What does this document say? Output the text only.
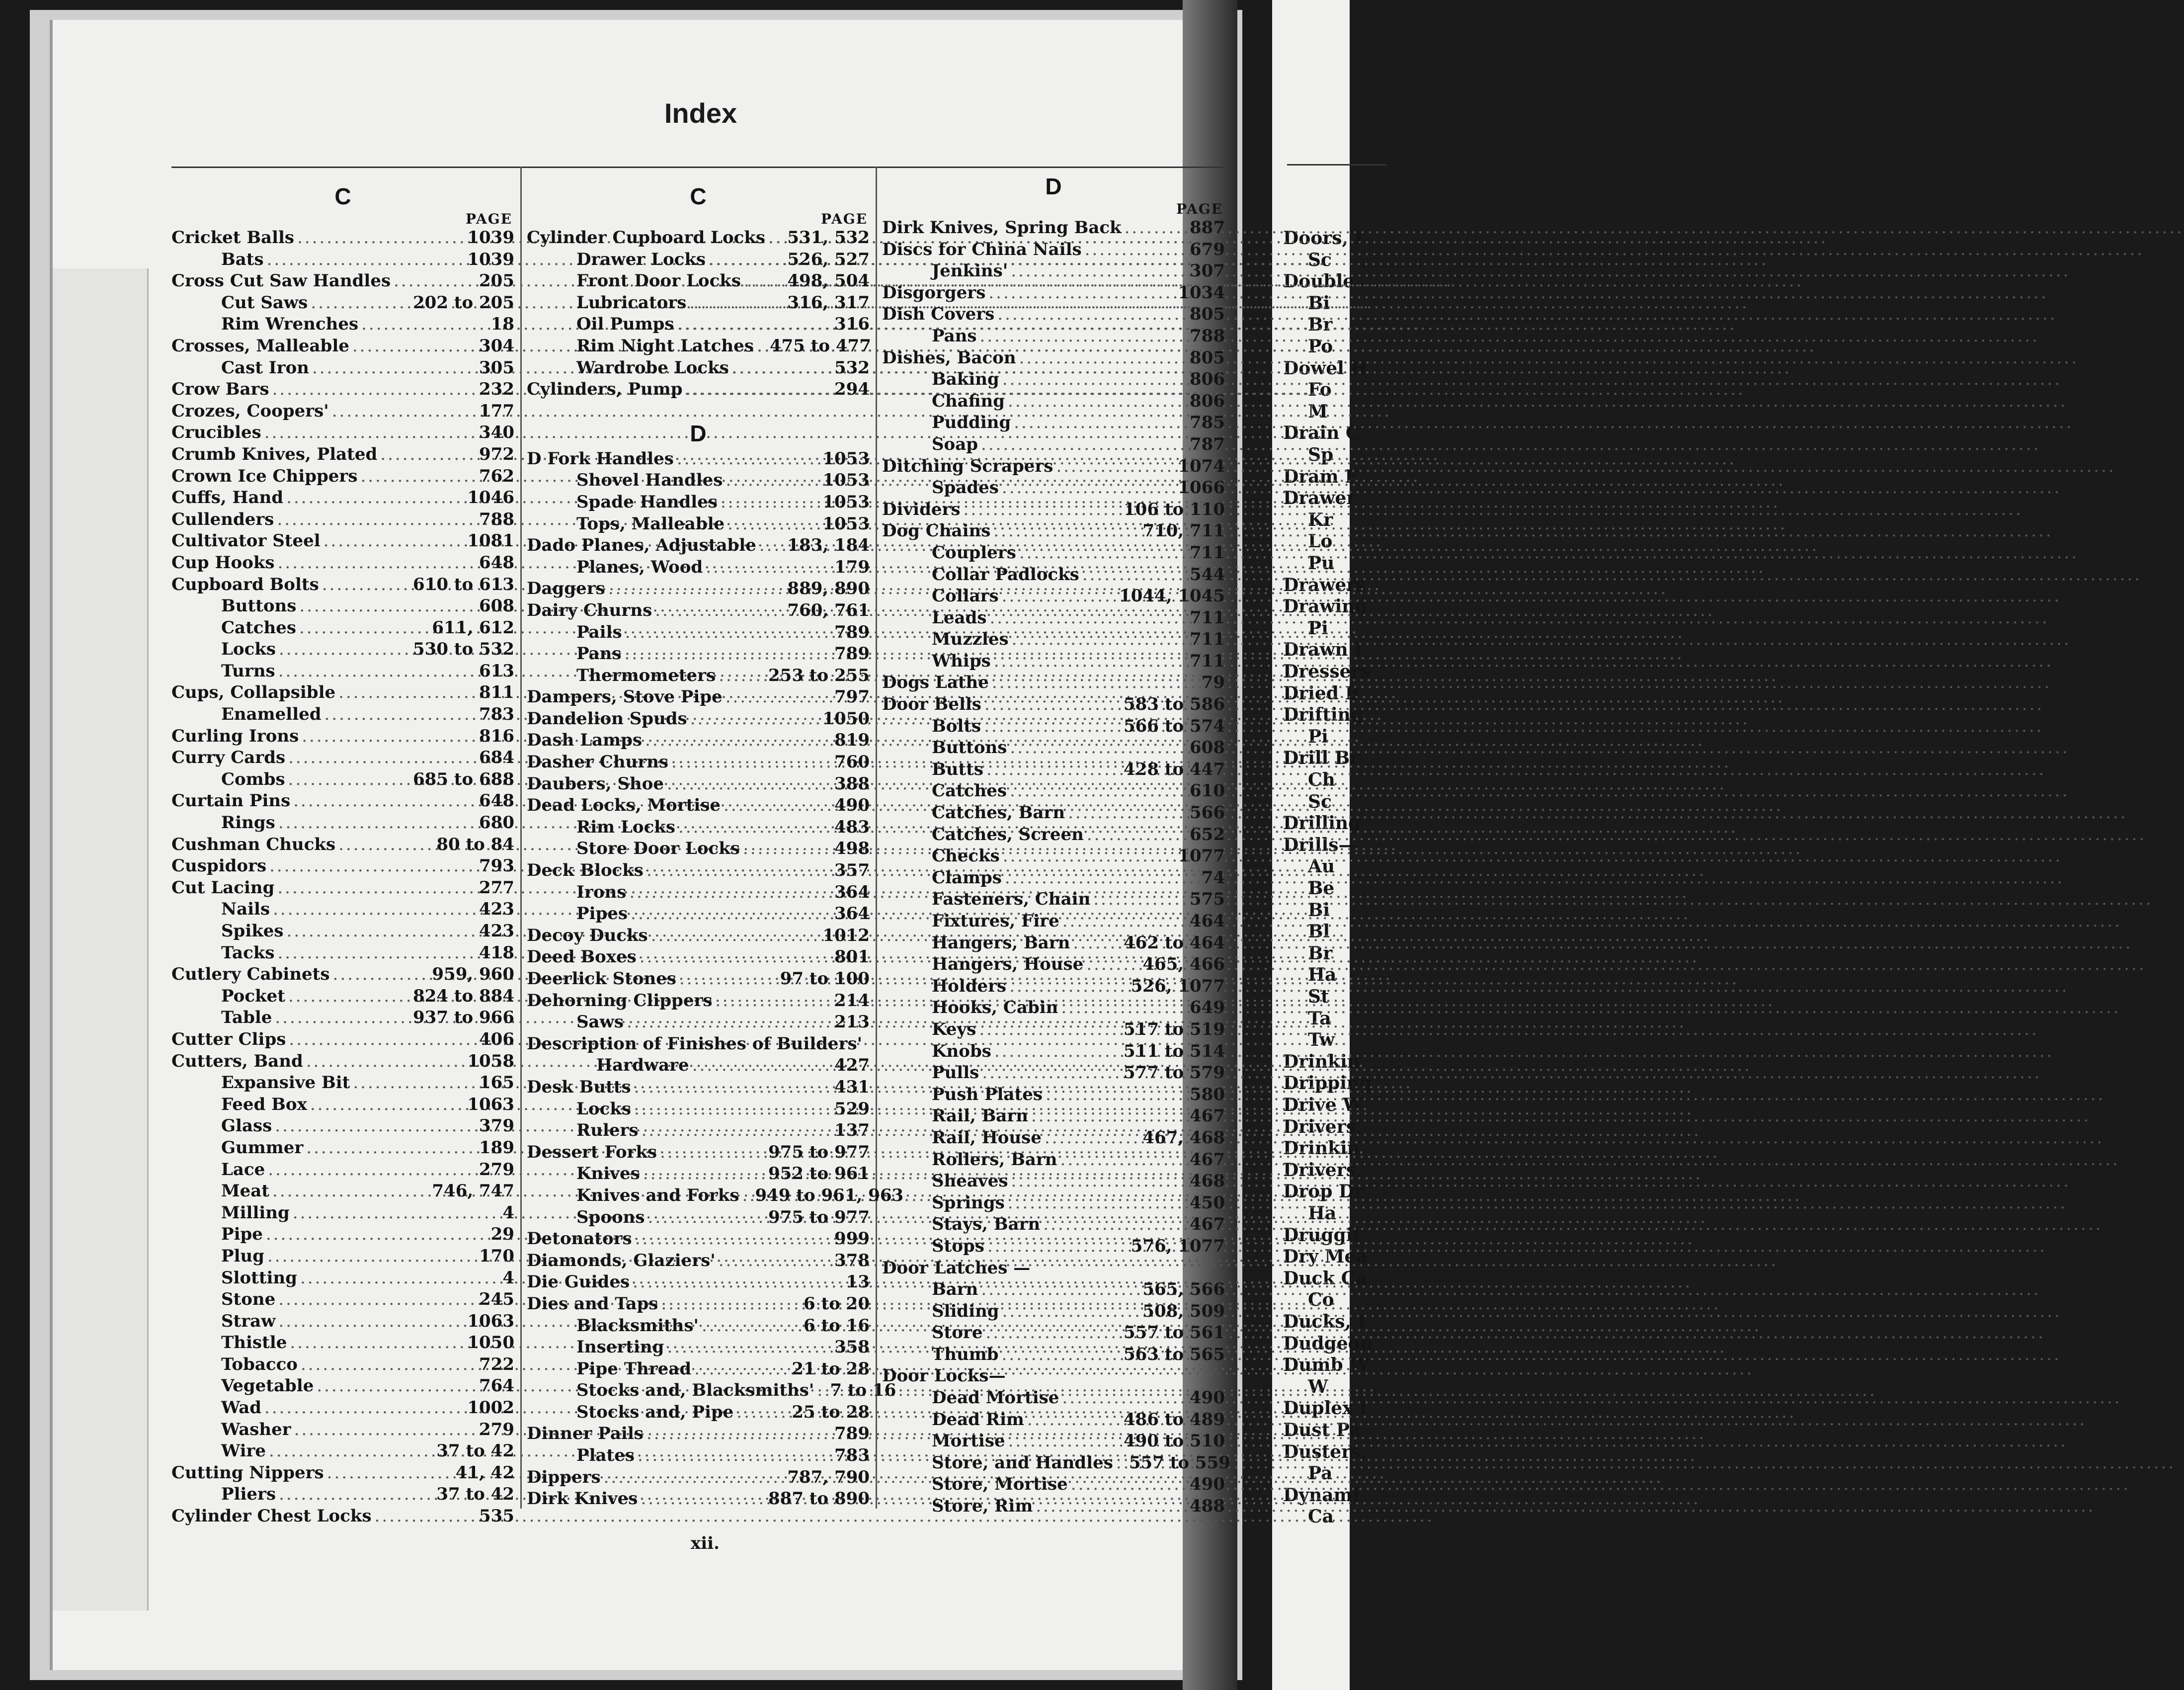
Doors, I
Sc
Double
Bi
Br
Po
Dowel H
Fo
M
Drain C
Sp
Dram F
Drawer
Kr
Lo
Pu
Drawers
Drawing
Pi
Drawn I
Dressers
Dried B
Drifting
Pi
Drill Br
Ch
Sc
Drilling
Drills—
Au
Be
Bi
Bl
Br
Ha
St
Ta
Tw
Drinkin
Dripping
Drive W
Drivers,
Drinkin
Drivers,
Drop Dr
Ha
Druggit
Dry Mea
Duck Ca
Co
Ducks, I
Dudgeon
Dumb W
W
Duplex I
Dust Pa
Dusters,
Pa
Dynami
Ca
Index
C
PAGE
Cricket Balls .....	1039
Bats .....	1039
Cross Cut Saw Handles .....	205
Cut Saws .....	202 to 205
Rim Wrenches .....	18
Crosses, Malleable .....	304
Cast Iron .....	305
Crow Bars .....	232
Crozes, Coopers' .....	177
Crucibles .....	340
Crumb Knives, Plated .....	972
Crown Ice Chippers .....	762
Cuffs, Hand .....	1046
Cullenders .....	788
Cultivator Steel .....	1081
Cup Hooks .....	648
Cupboard Bolts .....	610 to 613
Buttons .....	608
Catches .....	611, 612
Locks .....	530 to 532
Turns .....	613
Cups, Collapsible .....	811
Enamelled .....	783
Curling Irons .....	816
Curry Cards .....	684
Combs .....	685 to 688
Curtain Pins .....	648
Rings .....	680
Cushman Chucks .....	80 to 84
Cuspidors .....	793
Cut Lacing .....	277
Nails .....	423
Spikes .....	423
Tacks .....	418
Cutlery Cabinets .....	959, 960
Pocket .....	824 to 884
Table .....	937 to 966
Cutter Clips .....	406
Cutters, Band .....	1058
Expansive Bit .....	165
Feed Box .....	1063
Glass .....	379
Gummer .....	189
Lace .....	279
Meat .....	746, 747
Milling .....	4
Pipe .....	29
Plug .....	170
Slotting .....	4
Stone .....	245
Straw .....	1063
Thistle .....	1050
Tobacco .....	722
Vegetable .....	764
Wad .....	1002
Washer .....	279
Wire .....	37 to 42
Cutting Nippers .....	41, 42
Pliers .....	37 to 42
Cylinder Chest Locks .....	535
C
PAGE
Cylinder Cupboard Locks ..... 531, 532
Drawer Locks .....	526, 527
Front Door Locks .....	498, 504
Lubricators .....	316, 317
Oil Pumps .....	316
Rim Night Latches ..... 475 to 477
Wardrobe Locks .....	532
Cylinders, Pump .....	294
D
D Fork Handles .....	1053
Shovel Handles .....	1053
Spade Handles .....	1053
Tops, Malleable .....	1053
Dado Planes, Adjustable ..... 183, 184
Planes, Wood .....	179
Daggers .....	889, 890
Dairy Churns .....	760, 761
Pails .....	789
Pans .....	789
Thermometers .....	253 to 255
Dampers, Stove Pipe .....	797
Dandelion Spuds .....	1050
Dash Lamps .....	819
Dasher Churns .....	760
Daubers, Shoe .....	388
Dead Locks, Mortise .....	490
Rim Locks .....	483
Store Door Locks .....	498
Deck Blocks .....	357
Irons .....	364
Pipes .....	364
Decoy Ducks .....	1012
Deed Boxes .....	801
Deerlick Stones .....	97 to 100
Dehorning Clippers .....	214
Saws .....	213
Description of Finishes of Builders'
Hardware .....	427
Desk Butts .....	431
Locks .....	529
Rulers .....	137
Dessert Forks .....	975 to 977
Knives .....	952 to 961
Knives and Forks ..... 949 to 961, 963
Spoons .....	975 to 977
Detonators .....	999
Diamonds, Glaziers' .....	378
Die Guides .....	13
Dies and Taps .....	6 to 20
Blacksmiths' .....	6 to 16
Inserting .....	358
Pipe Thread .....	21 to 28
Stocks and, Blacksmiths' ..... 7 to 16
Stocks and, Pipe .....	25 to 28
Dinner Pails .....	789
Plates .....	783
Dippers .....	787, 790
Dirk Knives .....	887 to 890
D
PAGE
Dirk Knives, Spring Back .....	887
Discs for China Nails .....	679
Jenkins' .....	307
Disgorgers .....	1034
Dish Covers .....	805
Pans .....	788
Dishes, Bacon .....	805
Baking .....	806
Chafing .....	806
Pudding .....	785
Soap .....	787
Ditching Scrapers .....	1074
Spades .....	1066
Dividers .....	106 to 110
Dog Chains .....	710, 711
Couplers .....	711
Collar Padlocks .....	544
Collars .....	1044, 1045
Leads .....	711
Muzzles .....	711
Whips .....	711
Dogs Lathe .....	79
Door Bells .....	583 to 586
Bolts .....	566 to 574
Buttons .....	608
Butts .....	428 to 447
Catches .....	610
Catches, Barn .....	566
Catches, Screen .....	652
Checks .....	1077
Clamps .....	74
Fasteners, Chain .....	575
Fixtures, Fire .....	464
Hangers, Barn .....	462 to 464
Hangers, House .....	465, 466
Holders .....	526, 1077
Hooks, Cabin .....	649
Keys .....	517 to 519
Knobs .....	511 to 514
Pulls .....	577 to 579
Push Plates .....	580
Rail, Barn .....	467
Rail, House .....	467, 468
Rollers, Barn .....	467
Sheaves .....	468
Springs .....	450
Stays, Barn .....	467
Stops .....	576, 1077
Door Latches —
Barn .....	565, 566
Sliding .....	508, 509
Store .....	557 to 561
Thumb .....	563 to 565
Door Locks—
Dead Mortise .....	490
Dead Rim .....	486 to 489
Mortise .....	490 to 510
Store, and Handles ..... 557 to 559
Store, Mortise .....	490
Store, Rim .....	488
xii.
